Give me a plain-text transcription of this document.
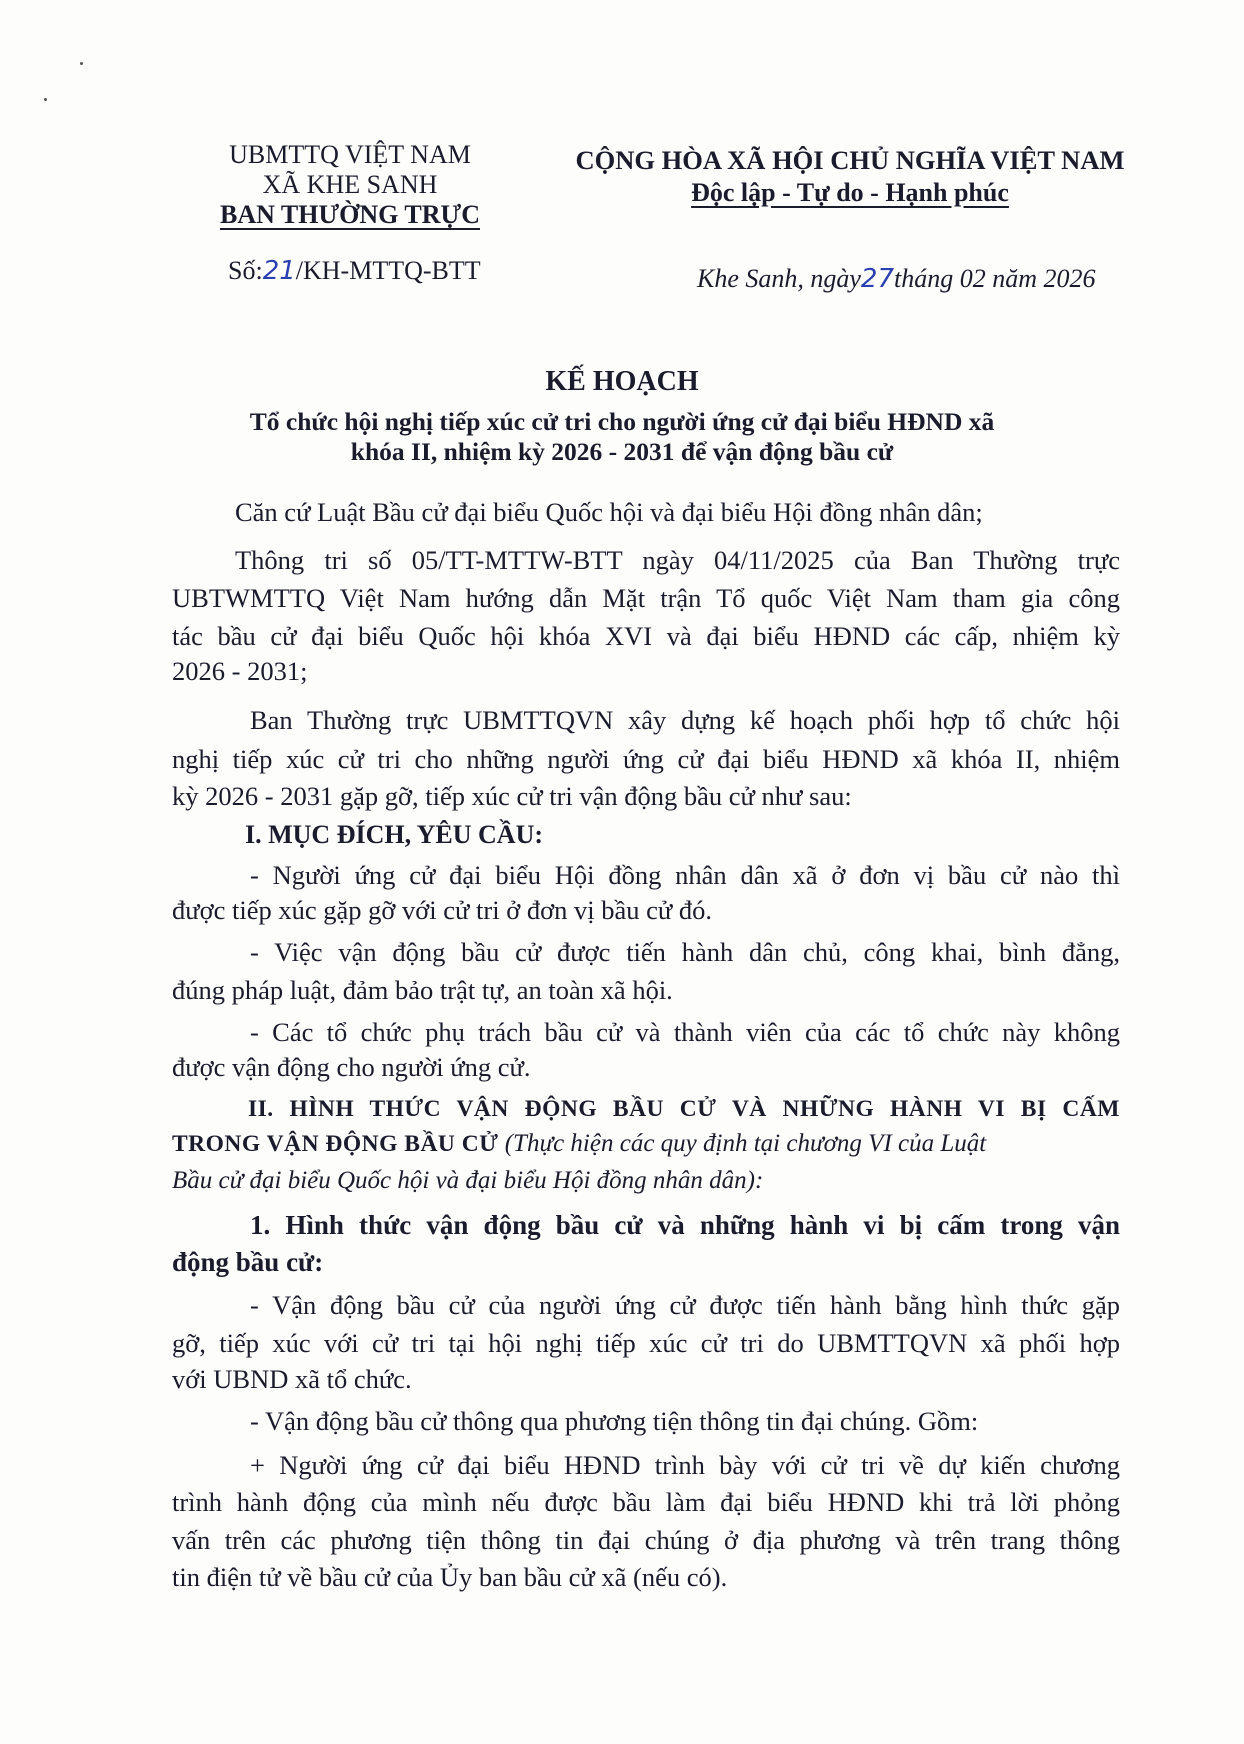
UBMTTQ VIỆT NAM

XÃ KHE SANH

BAN THƯỜNG TRỰC

Số:21/KH-MTTQ-BTT

CỘNG HÒA XÃ HỘI CHỦ NGHĨA VIỆT NAM

Độc lập - Tự do - Hạnh phúc

Khe Sanh, ngày27tháng 02 năm 2026

KẾ HOẠCH

Tổ chức hội nghị tiếp xúc cử tri cho người ứng cử đại biểu HĐND xã

khóa II, nhiệm kỳ 2026 - 2031 để vận động bầu cử

Căn cứ Luật Bầu cử đại biểu Quốc hội và đại biểu Hội đồng nhân dân;

Thông tri số 05/TT-MTTW-BTT ngày 04/11/2025 của Ban Thường trực

UBTWMTTQ Việt Nam hướng dẫn Mặt trận Tổ quốc Việt Nam tham gia công

tác bầu cử đại biểu Quốc hội khóa XVI và đại biểu HĐND các cấp, nhiệm kỳ

2026 - 2031;

Ban Thường trực UBMTTQVN xây dựng kế hoạch phối hợp tổ chức hội

nghị tiếp xúc cử tri cho những người ứng cử đại biểu HĐND xã khóa II, nhiệm

kỳ 2026 - 2031 gặp gỡ, tiếp xúc cử tri vận động bầu cử như sau:

I. MỤC ĐÍCH, YÊU CẦU:

- Người ứng cử đại biểu Hội đồng nhân dân xã ở đơn vị bầu cử nào thì

được tiếp xúc gặp gỡ với cử tri ở đơn vị bầu cử đó.

- Việc vận động bầu cử được tiến hành dân chủ, công khai, bình đẳng,

đúng pháp luật, đảm bảo trật tự, an toàn xã hội.

- Các tổ chức phụ trách bầu cử và thành viên của các tổ chức này không

được vận động cho người ứng cử.

II. HÌNH THỨC VẬN ĐỘNG BẦU CỬ VÀ NHỮNG HÀNH VI BỊ CẤM

TRONG VẬN ĐỘNG BẦU CỬ (Thực hiện các quy định tại chương VI của Luật

Bầu cử đại biểu Quốc hội và đại biểu Hội đồng nhân dân):

1. Hình thức vận động bầu cử và những hành vi bị cấm trong vận

động bầu cử:

- Vận động bầu cử của người ứng cử được tiến hành bằng hình thức gặp

gỡ, tiếp xúc với cử tri tại hội nghị tiếp xúc cử tri do UBMTTQVN xã phối hợp

với UBND xã tổ chức.

- Vận động bầu cử thông qua phương tiện thông tin đại chúng. Gồm:

+ Người ứng cử đại biểu HĐND trình bày với cử tri về dự kiến chương

trình hành động của mình nếu được bầu làm đại biểu HĐND khi trả lời phỏng

vấn trên các phương tiện thông tin đại chúng ở địa phương và trên trang thông

tin điện tử về bầu cử của Ủy ban bầu cử xã (nếu có).
